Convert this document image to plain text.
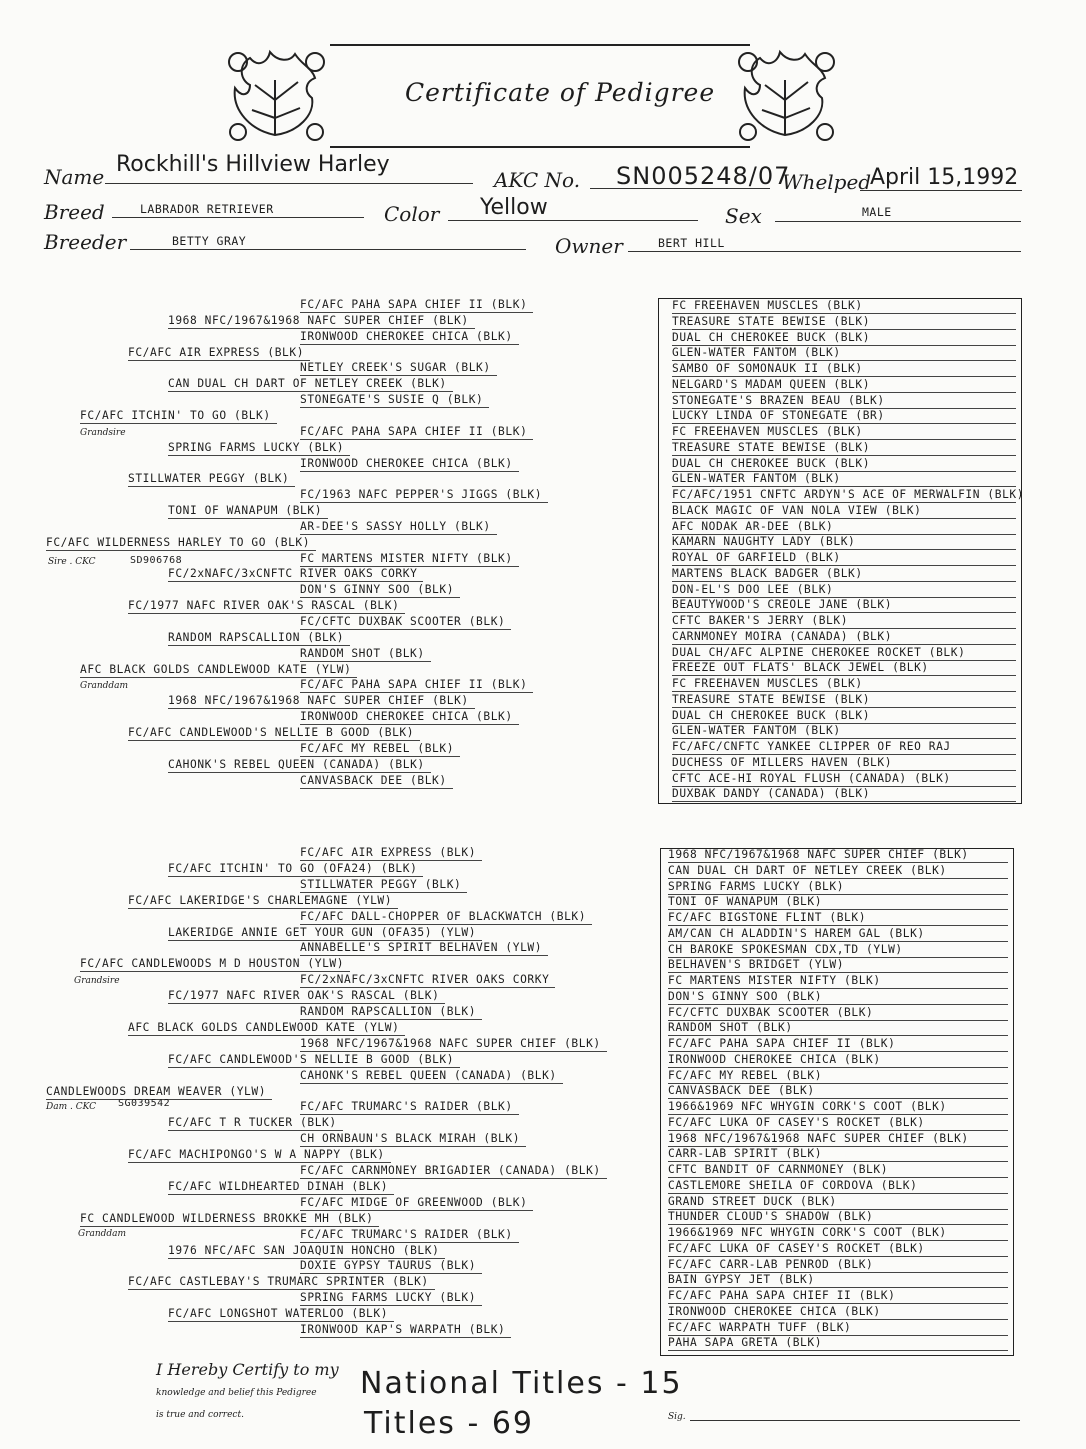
Certificate of Pedigree
Name Rockhill's Hillview Harley
AKC No. SN005248/07
Whelped
April 15,1992
Breed	LABRADOR RETRIEVER	Color Yellow	Sex	MALE
Breeder	BETTY GRAY	Owner	BERT HILL
FC/AFC PAHA SAPA CHIEF II (BLK)
1968 NFC/1967&1968 NAFC SUPER CHIEF (BLK)
IRONWOOD CHEROKEE CHICA (BLK)
FC/AFC AIR EXPRESS (BLK)
NETLEY CREEK'S SUGAR (BLK)
CAN DUAL CH DART OF NETLEY CREEK (BLK)
STONEGATE'S SUSIE Q (BLK)
FC/AFC ITCHIN' TO GO (BLK)
FC/AFC PAHA SAPA CHIEF II (BLK)
SPRING FARMS LUCKY (BLK)
IRONWOOD CHEROKEE CHICA (BLK)
STILLWATER PEGGY (BLK)
FC/1963 NAFC PEPPER'S JIGGS (BLK)
TONI OF WANAPUM (BLK)
AR-DEE'S SASSY HOLLY (BLK)
FC/AFC WILDERNESS HARLEY TO GO (BLK)
FC MARTENS MISTER NIFTY (BLK)
FC/2xNAFC/3xCNFTC RIVER OAKS CORKY
DON'S GINNY SOO (BLK)
FC/1977 NAFC RIVER OAK'S RASCAL (BLK)
FC/CFTC DUXBAK SCOOTER (BLK)
RANDOM RAPSCALLION (BLK)
RANDOM SHOT (BLK)
AFC BLACK GOLDS CANDLEWOOD KATE (YLW)
FC/AFC PAHA SAPA CHIEF II (BLK)
1968 NFC/1967&1968 NAFC SUPER CHIEF (BLK)
IRONWOOD CHEROKEE CHICA (BLK)
FC/AFC CANDLEWOOD'S NELLIE B GOOD (BLK)
FC/AFC MY REBEL (BLK)
CAHONK'S REBEL QUEEN (CANADA) (BLK)
CANVASBACK DEE (BLK)
FC FREEHAVEN MUSCLES (BLK)
TREASURE STATE BEWISE (BLK)
DUAL CH CHEROKEE BUCK (BLK)
GLEN-WATER FANTOM (BLK)
SAMBO OF SOMONAUK II (BLK)
NELGARD'S MADAM QUEEN (BLK)
STONEGATE'S BRAZEN BEAU (BLK)
LUCKY LINDA OF STONEGATE (BR)
FC FREEHAVEN MUSCLES (BLK)
TREASURE STATE BEWISE (BLK)
DUAL CH CHEROKEE BUCK (BLK)
GLEN-WATER FANTOM (BLK)
FC/AFC/1951 CNFTC ARDYN'S ACE OF MERWALFIN (BLK)
BLACK MAGIC OF VAN NOLA VIEW (BLK)
AFC NODAK AR-DEE (BLK)
KAMARN NAUGHTY LADY (BLK)
ROYAL OF GARFIELD (BLK)
MARTENS BLACK BADGER (BLK)
DON-EL'S DOO LEE (BLK)
BEAUTYWOOD'S CREOLE JANE (BLK)
CFTC BAKER'S JERRY (BLK)
CARNMONEY MOIRA (CANADA) (BLK)
DUAL CH/AFC ALPINE CHEROKEE ROCKET (BLK)
FREEZE OUT FLATS' BLACK JEWEL (BLK)
FC FREEHAVEN MUSCLES (BLK)
TREASURE STATE BEWISE (BLK)
DUAL CH CHEROKEE BUCK (BLK)
GLEN-WATER FANTOM (BLK)
FC/AFC/CNFTC YANKEE CLIPPER OF REO RAJ
DUCHESS OF MILLERS HAVEN (BLK)
CFTC ACE-HI ROYAL FLUSH (CANADA) (BLK)
DUXBAK DANDY (CANADA) (BLK)
Grandsire
Sire . CKC	SD906768
Granddam
FC/AFC AIR EXPRESS (BLK)
FC/AFC ITCHIN' TO GO (OFA24) (BLK)
STILLWATER PEGGY (BLK)
FC/AFC LAKERIDGE'S CHARLEMAGNE (YLW)
FC/AFC DALL-CHOPPER OF BLACKWATCH (BLK)
LAKERIDGE ANNIE GET YOUR GUN (OFA35) (YLW)
ANNABELLE'S SPIRIT BELHAVEN (YLW)
FC/AFC CANDLEWOODS M D HOUSTON (YLW)
FC/2xNAFC/3xCNFTC RIVER OAKS CORKY
FC/1977 NAFC RIVER OAK'S RASCAL (BLK)
RANDOM RAPSCALLION (BLK)
AFC BLACK GOLDS CANDLEWOOD KATE (YLW)
1968 NFC/1967&1968 NAFC SUPER CHIEF (BLK)
FC/AFC CANDLEWOOD'S NELLIE B GOOD (BLK)
CAHONK'S REBEL QUEEN (CANADA) (BLK)
CANDLEWOODS DREAM WEAVER (YLW)
FC/AFC TRUMARC'S RAIDER (BLK)
FC/AFC T R TUCKER (BLK)
CH ORNBAUN'S BLACK MIRAH (BLK)
FC/AFC MACHIPONGO'S W A NAPPY (BLK)
FC/AFC CARNMONEY BRIGADIER (CANADA) (BLK)
FC/AFC WILDHEARTED DINAH (BLK)
FC/AFC MIDGE OF GREENWOOD (BLK)
FC CANDLEWOOD WILDERNESS BROKKE MH (BLK)
FC/AFC TRUMARC'S RAIDER (BLK)
1976 NFC/AFC SAN JOAQUIN HONCHO (BLK)
DOXIE GYPSY TAURUS (BLK)
FC/AFC CASTLEBAY'S TRUMARC SPRINTER (BLK)
SPRING FARMS LUCKY (BLK)
FC/AFC LONGSHOT WATERLOO (BLK)
IRONWOOD KAP'S WARPATH (BLK)
1968 NFC/1967&1968 NAFC SUPER CHIEF (BLK)
CAN DUAL CH DART OF NETLEY CREEK (BLK)
SPRING FARMS LUCKY (BLK)
TONI OF WANAPUM (BLK)
FC/AFC BIGSTONE FLINT (BLK)
AM/CAN CH ALADDIN'S HAREM GAL (BLK)
CH BAROKE SPOKESMAN CDX,TD (YLW)
BELHAVEN'S BRIDGET (YLW)
FC MARTENS MISTER NIFTY (BLK)
DON'S GINNY SOO (BLK)
FC/CFTC DUXBAK SCOOTER (BLK)
RANDOM SHOT (BLK)
FC/AFC PAHA SAPA CHIEF II (BLK)
IRONWOOD CHEROKEE CHICA (BLK)
FC/AFC MY REBEL (BLK)
CANVASBACK DEE (BLK)
1966&1969 NFC WHYGIN CORK'S COOT (BLK)
FC/AFC LUKA OF CASEY'S ROCKET (BLK)
1968 NFC/1967&1968 NAFC SUPER CHIEF (BLK)
CARR-LAB SPIRIT (BLK)
CFTC BANDIT OF CARNMONEY (BLK)
CASTLEMORE SHEILA OF CORDOVA (BLK)
GRAND STREET DUCK (BLK)
THUNDER CLOUD'S SHADOW (BLK)
1966&1969 NFC WHYGIN CORK'S COOT (BLK)
FC/AFC LUKA OF CASEY'S ROCKET (BLK)
FC/AFC CARR-LAB PENROD (BLK)
BAIN GYPSY JET (BLK)
FC/AFC PAHA SAPA CHIEF II (BLK)
IRONWOOD CHEROKEE CHICA (BLK)
FC/AFC WARPATH TUFF (BLK)
PAHA SAPA GRETA (BLK)
Grandsire
Dam . CKC SG039542
Granddam
I Hereby Certify to my
knowledge and belief this Pedigree
is true and correct.
National Titles - 15
Titles - 69	Sig.
